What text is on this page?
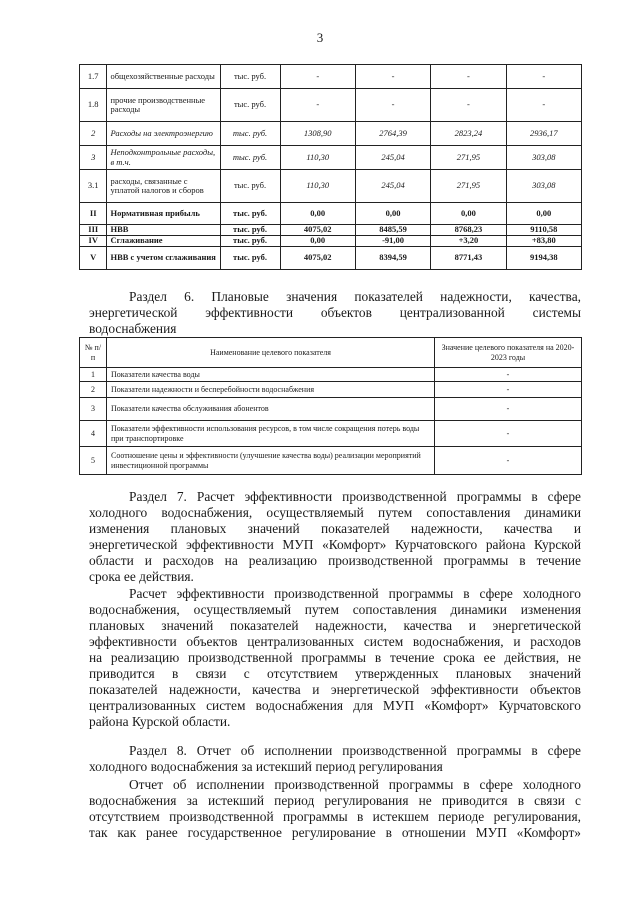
3
1.7	общехозяйственные расходы	тыс. руб.	-	-	-	-
1.8	прочие производственные расходы	тыс. руб.	-	-	-	-
2	Расходы на электроэнергию	тыс. руб.	1308,90	2764,39	2823,24	2936,17
3	Неподконтрольные расходы, в т.ч.	тыс. руб.	110,30	245,04	271,95	303,08
3.1	расходы, связанные с уплатой налогов и сборов	тыс. руб.	110,30	245,04	271,95	303,08
II	Нормативная прибыль	тыс. руб.	0,00	0,00	0,00	0,00
III	НВВ	тыс. руб.	4075,02	8485,59	8768,23	9110,58
IV	Сглаживание	тыс. руб.	0,00	-91,00	+3,20	+83,80
V	НВВ с учетом сглаживания	тыс. руб.	4075,02	8394,59	8771,43	9194,38
Раздел 6. Плановые значения показателей надежности, качества,
энергетической эффективности объектов централизованной системы
водоснабжения
№ п/п	Наименование целевого показателя	Значение целевого показателя на 2020-2023 годы
1	Показатели качества воды	-
2	Показатели надежности и бесперебойности водоснабжения	-
3	Показатели качества обслуживания абонентов	-
4	Показатели эффективности использования ресурсов, в том числе сокращения потерь воды при транспортировке	-
5	Соотношение цены и эффективности (улучшение качества воды) реализации мероприятий инвестиционной программы	-
Раздел 7. Расчет эффективности производственной программы в сфере
холодного водоснабжения, осуществляемый путем сопоставления динамики
изменения плановых значений показателей надежности, качества и
энергетической эффективности МУП «Комфорт» Курчатовского района Курской
области и расходов на реализацию производственной программы в течение
срока ее действия.
Расчет эффективности производственной программы в сфере холодного
водоснабжения, осуществляемый путем сопоставления динамики изменения
плановых значений показателей надежности, качества и энергетической
эффективности объектов централизованных систем водоснабжения, и расходов
на реализацию производственной программы в течение срока ее действия, не
приводится в связи с отсутствием утвержденных плановых значений
показателей надежности, качества и энергетической эффективности объектов
централизованных систем водоснабжения для МУП «Комфорт» Курчатовского
района Курской области.
Раздел 8. Отчет об исполнении производственной программы в сфере
холодного водоснабжения за истекший период регулирования
Отчет об исполнении производственной программы в сфере холодного
водоснабжения за истекший период регулирования не приводится в связи с
отсутствием производственной программы в истекшем периоде регулирования,
так как ранее государственное регулирование в отношении МУП «Комфорт»
